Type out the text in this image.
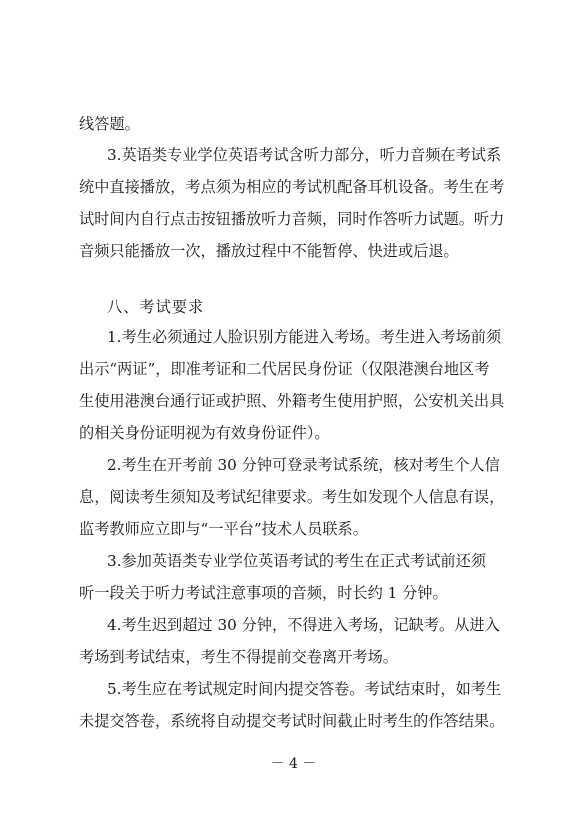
线答题。
3.英语类专业学位英语考试含听力部分，听力音频在考试系
统中直接播放，考点须为相应的考试机配备耳机设备。考生在考
试时间内自行点击按钮播放听力音频，同时作答听力试题。听力
音频只能播放一次，播放过程中不能暂停、快进或后退。
八、考试要求
1.考生必须通过人脸识别方能进入考场。考生进入考场前须
出示“两证”，即准考证和二代居民身份证（仅限港澳台地区考
生使用港澳台通行证或护照、外籍考生使用护照，公安机关出具
的相关身份证明视为有效身份证件）。
2.考生在开考前 30 分钟可登录考试系统，核对考生个人信
息，阅读考生须知及考试纪律要求。考生如发现个人信息有误，
监考教师应立即与“一平台”技术人员联系。
3.参加英语类专业学位英语考试的考生在正式考试前还须
听一段关于听力考试注意事项的音频，时长约 1 分钟。
4.考生迟到超过 30 分钟，不得进入考场，记缺考。从进入
考场到考试结束，考生不得提前交卷离开考场。
5.考生应在考试规定时间内提交答卷。考试结束时，如考生
未提交答卷，系统将自动提交考试时间截止时考生的作答结果。
－ 4 －
